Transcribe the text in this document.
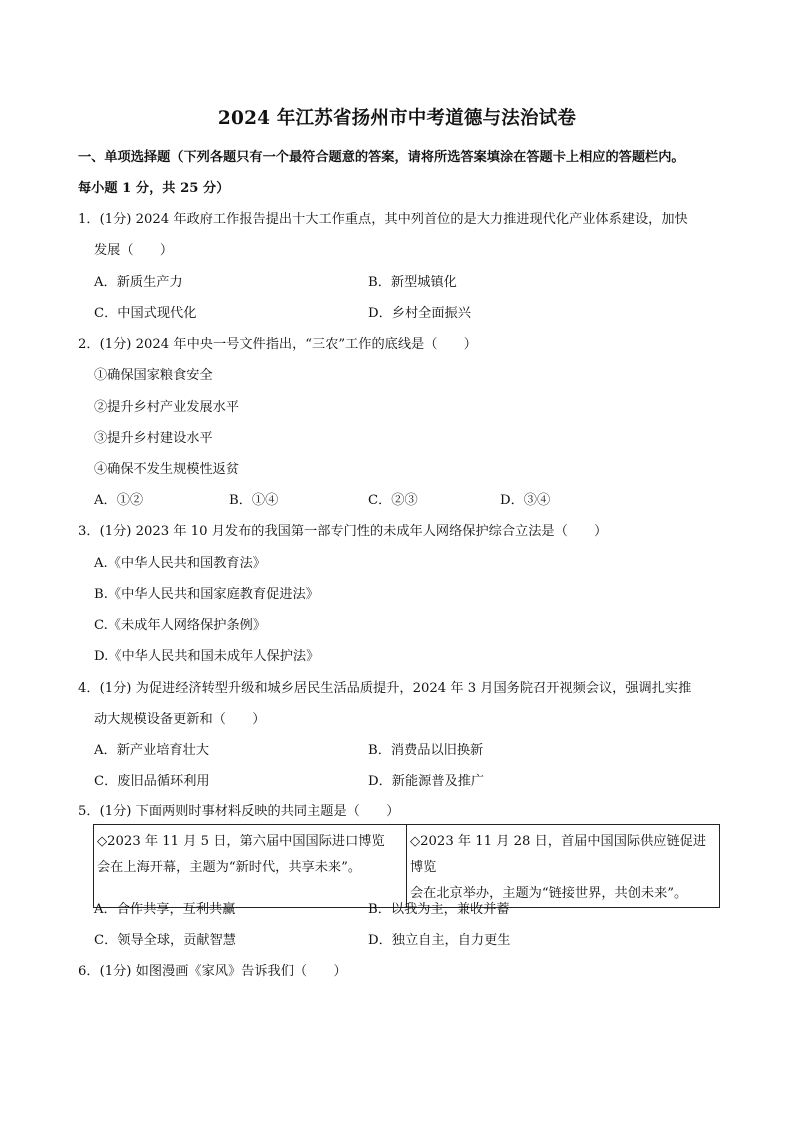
2024 年江苏省扬州市中考道德与法治试卷
一、单项选择题（下列各题只有一个最符合题意的答案，请将所选答案填涂在答题卡上相应的答题栏内。
每小题 1 分，共 25 分）
1．(1分) 2024 年政府工作报告提出十大工作重点，其中列首位的是大力推进现代化产业体系建设，加快
发展（　　）
A．新质生产力	B．新型城镇化
C．中国式现代化	D．乡村全面振兴
2．(1分) 2024 年中央一号文件指出，“三农”工作的底线是（　　）
①确保国家粮食安全
②提升乡村产业发展水平
③提升乡村建设水平
④确保不发生规模性返贫
A．①②	B．①④	C．②③	D．③④
3．(1分) 2023 年 10 月发布的我国第一部专门性的未成年人网络保护综合立法是（　　）
A.《中华人民共和国教育法》
B.《中华人民共和国家庭教育促进法》
C.《未成年人网络保护条例》
D.《中华人民共和国未成年人保护法》
4．(1分) 为促进经济转型升级和城乡居民生活品质提升，2024 年 3 月国务院召开视频会议，强调扎实推
动大规模设备更新和（　　）
A．新产业培育壮大	B．消费品以旧换新
C．废旧品循环利用	D．新能源普及推广
5．(1分) 下面两则时事材料反映的共同主题是（　　）
◇2023 年 11 月 5 日，第六届中国国际进口博览
会在上海开幕，主题为“新时代，共享未来”。

◇2023 年 11 月 28 日，首届中国国际供应链促进博览
会在北京举办，主题为“链接世界，共创未来”。
A．合作共享，互利共赢	B．以我为主，兼收并蓄
C．领导全球，贡献智慧	D．独立自主，自力更生
6．(1分) 如图漫画《家风》告诉我们（　　）
